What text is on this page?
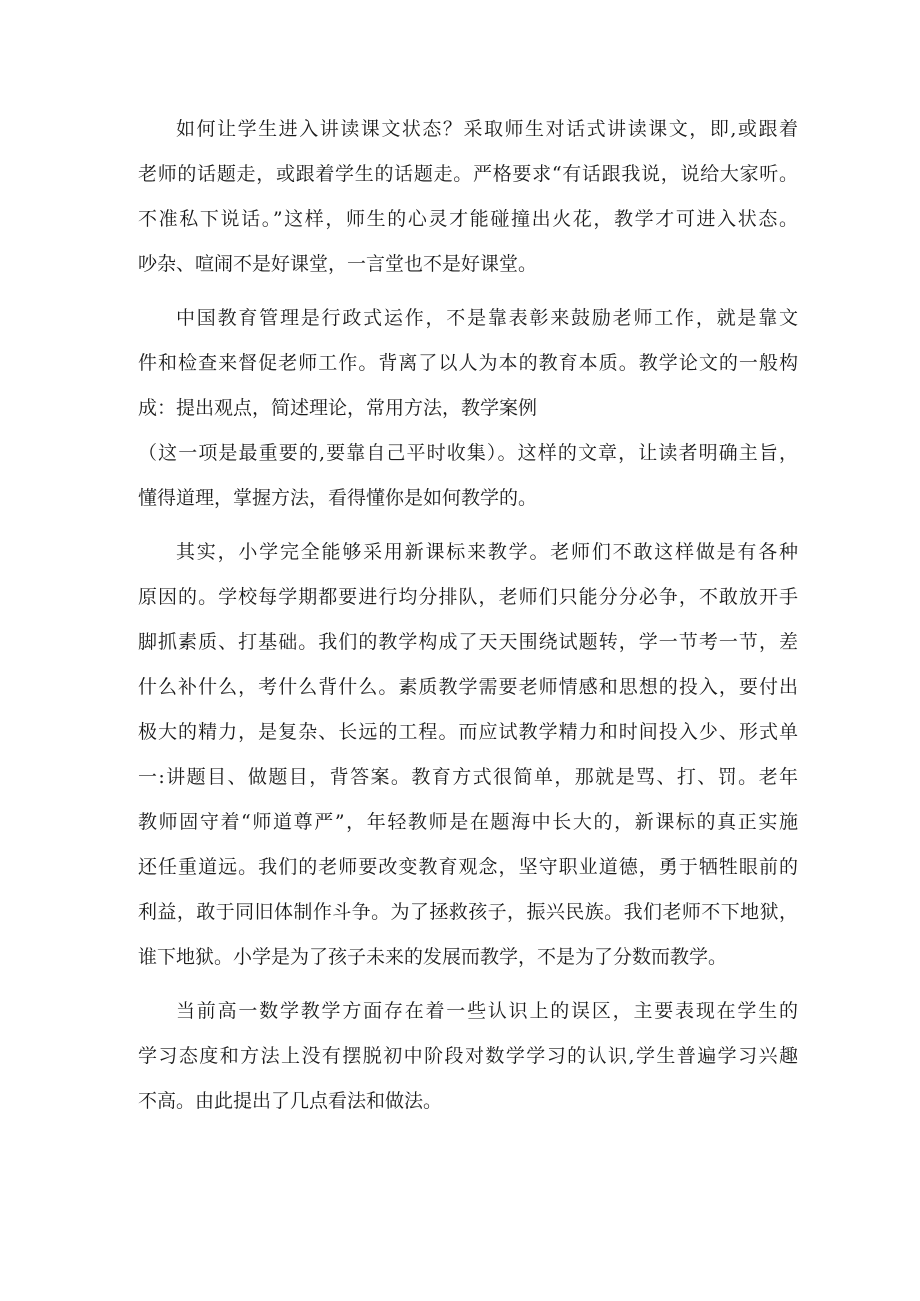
如何让学生进入讲读课文状态？采取师生对话式讲读课文，即,或跟着
老师的话题走，或跟着学生的话题走。严格要求“有话跟我说，说给大家听。
不准私下说话。”这样，师生的心灵才能碰撞出火花，教学才可进入状态。
吵杂、喧闹不是好课堂，一言堂也不是好课堂。
中国教育管理是行政式运作，不是靠表彰来鼓励老师工作，就是靠文
件和检查来督促老师工作。背离了以人为本的教育本质。教学论文的一般构
成：提出观点，简述理论，常用方法，教学案例
（这一项是最重要的,要靠自己平时收集）。这样的文章，让读者明确主旨，
懂得道理，掌握方法，看得懂你是如何教学的。
其实，小学完全能够采用新课标来教学。老师们不敢这样做是有各种
原因的。学校每学期都要进行均分排队，老师们只能分分必争，不敢放开手
脚抓素质、打基础。我们的教学构成了天天围绕试题转，学一节考一节，差
什么补什么，考什么背什么。素质教学需要老师情感和思想的投入，要付出
极大的精力，是复杂、长远的工程。而应试教学精力和时间投入少、形式单
一:讲题目、做题目，背答案。教育方式很简单，那就是骂、打、罚。老年
教师固守着“师道尊严”，年轻教师是在题海中长大的，新课标的真正实施
还任重道远。我们的老师要改变教育观念，坚守职业道德，勇于牺牲眼前的
利益，敢于同旧体制作斗争。为了拯救孩子，振兴民族。我们老师不下地狱，
谁下地狱。小学是为了孩子未来的发展而教学，不是为了分数而教学。
当前高一数学教学方面存在着一些认识上的误区，主要表现在学生的
学习态度和方法上没有摆脱初中阶段对数学学习的认识,学生普遍学习兴趣
不高。由此提出了几点看法和做法。
